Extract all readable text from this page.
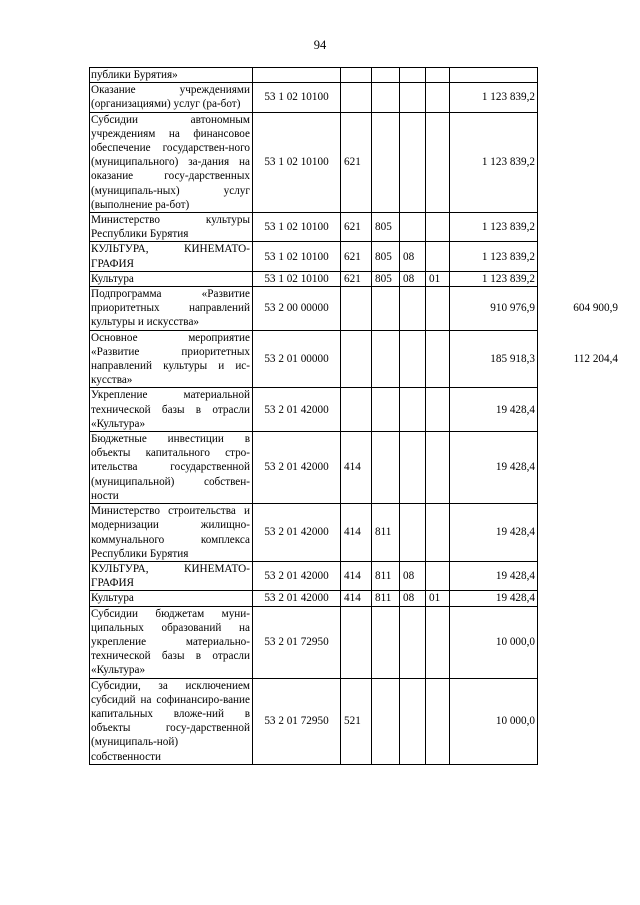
94
публики Бурятия»							
Оказание учреждениями (организациями) услуг (ра-бот)	53 1 02 10100					1 123 839,2	
Субсидии автономным учреждениям на финансовое обеспечение государствен-ного (муниципального) за-дания на оказание госу-дарственных (муниципаль-ных) услуг (выполнение ра-бот)	53 1 02 10100	621				1 123 839,2	
Министерство культуры Республики Бурятия	53 1 02 10100	621	805			1 123 839,2	
КУЛЬТУРА, КИНЕМАТО-ГРАФИЯ	53 1 02 10100	621	805	08		1 123 839,2	
Культура	53 1 02 10100	621	805	08	01	1 123 839,2	
Подпрограмма «Развитие приоритетных направлений культуры и искусства»	53 2 00 00000					910 976,9	604 900,9
Основное мероприятие «Развитие приоритетных направлений культуры и ис-кусства»	53 2 01 00000					185 918,3	112 204,4
Укрепление материальной технической базы в отрасли «Культура»	53 2 01 42000					19 428,4	
Бюджетные инвестиции в объекты капитального стро-ительства государственной (муниципальной) собствен-ности	53 2 01 42000	414				19 428,4	
Министерство строительства и модернизации жилищно-коммунального комплекса Республики Бурятия	53 2 01 42000	414	811			19 428,4	
КУЛЬТУРА, КИНЕМАТО-ГРАФИЯ	53 2 01 42000	414	811	08		19 428,4	
Культура	53 2 01 42000	414	811	08	01	19 428,4	
Субсидии бюджетам муни-ципальных образований на укрепление материально-технической базы в отрасли «Культура»	53 2 01 72950					10 000,0	
Субсидии, за исключением субсидий на софинансиро-вание капитальных вложе-ний в объекты госу-дарственной (муниципаль-ной) собственности	53 2 01 72950	521				10 000,0	
